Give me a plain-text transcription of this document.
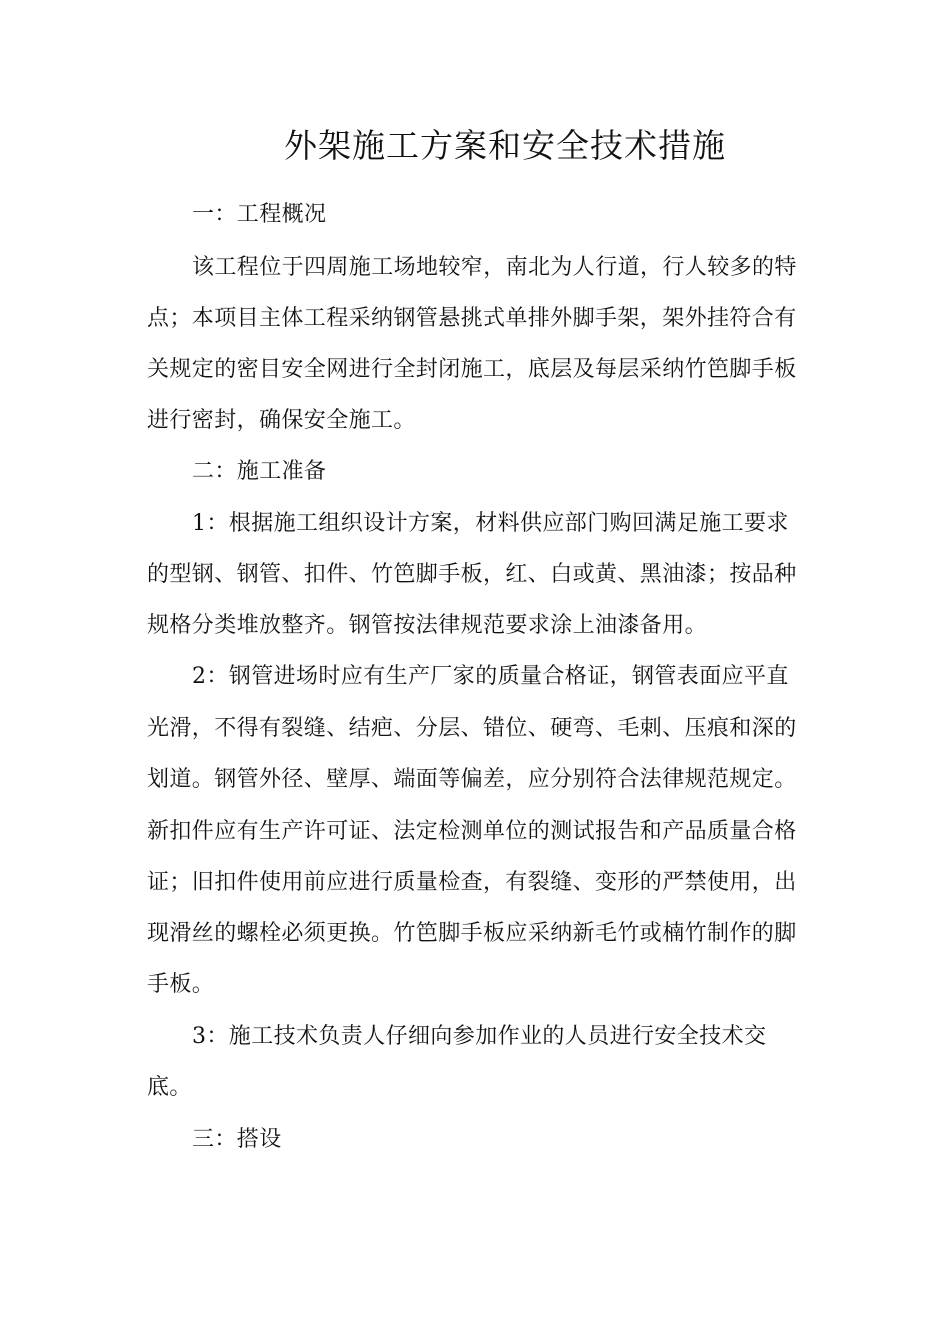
外架施工方案和安全技术措施
一：工程概况
该工程位于四周施工场地较窄，南北为人行道，行人较多的特
点；本项目主体工程采纳钢管悬挑式单排外脚手架，架外挂符合有
关规定的密目安全网进行全封闭施工，底层及每层采纳竹笆脚手板
进行密封，确保安全施工。
二：施工准备
1：根据施工组织设计方案，材料供应部门购回满足施工要求
的型钢、钢管、扣件、竹笆脚手板，红、白或黄、黑油漆；按品种
规格分类堆放整齐。钢管按法律规范要求涂上油漆备用。
2：钢管进场时应有生产厂家的质量合格证，钢管表面应平直
光滑，不得有裂缝、结疤、分层、错位、硬弯、毛刺、压痕和深的
划道。钢管外径、壁厚、端面等偏差，应分别符合法律规范规定。
新扣件应有生产许可证、法定检测单位的测试报告和产品质量合格
证；旧扣件使用前应进行质量检查，有裂缝、变形的严禁使用，出
现滑丝的螺栓必须更换。竹笆脚手板应采纳新毛竹或楠竹制作的脚
手板。
3：施工技术负责人仔细向参加作业的人员进行安全技术交
底。
三：搭设
